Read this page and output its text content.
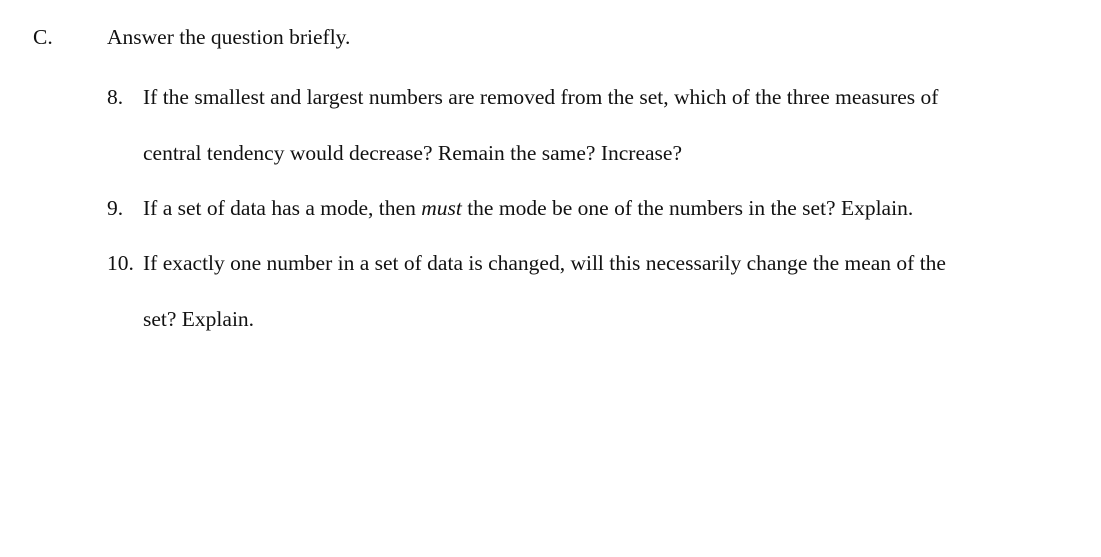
C.	Answer the question briefly.
8. If the smallest and largest numbers are removed from the set, which of the three measures of
central tendency would decrease? Remain the same? Increase?
9. If a set of data has a mode, then must the mode be one of the numbers in the set? Explain.
10. If exactly one number in a set of data is changed, will this necessarily change the mean of the
set? Explain.
